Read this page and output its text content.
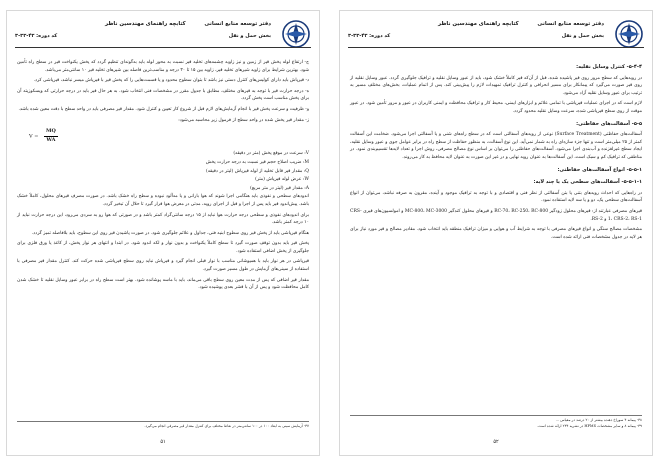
دفتر توسعه منابع انسانی
کتابچه راهنمای مهندسین ناظر
بخش حمل و نقل
کد دوره: ۴۳-۳۳-۳

ج- ارتفاع لوله پخش قیر از زمین و نیز زاویه چشمه‌های تخلیه قیر نسبت به محور لوله باید به‌گونه‌ای تنظیم گردد که پخش یکنواخت قیر در سطح راه تأمین شود. بهترین شرایط برای زاویه شیرهای تخلیه قیر، زاویه بین ۱۵ تا ۳۰ درجه و مناسب‌ترین فاصله بین شیرهای تخلیه قیر ۱۰ سانتی‌متر می‌باشد.

د- قیرپاش باید دارای کولیس‌های کنترل دستی نیز باشد تا بتوان سطوح محدود و یا قسمت‌هایی را که پخش قیر با قیرپاش میسر نباشد، قیرپاشی کرد.

ه- درجه حرارت قیر با توجه به قیرهای مختلف، مطابق با جدول مقرر در مشخصات فنی انتخاب شود. به هر حال قیر باید در درجه حرارتی که ویسکوزیته آن برای پخش مناسب است پخش گردد.

و- ظرفیت و سرعت پخش قیر با انجام آزمایش‌های لازم قبل از شروع کار تعیین و کنترل شود. مقدار قیر مصرفی باید در واحد سطح با دقت معین شده باشد.

ز- مقدار قیر پخش شده در واحد سطح از فرمول زیر محاسبه می‌شود:

$V = \frac{MQ}{WA}$

V: سرعت در موقع پخش (متر در دقیقه)

M: ضریب اصلاح حجم قیر نسبت به درجه حرارت پخش

Q: مقدار قیر قابل تخلیه از لوله قیرپاش (لیتر در دقیقه)

W: عرض لوله قیرپاش (متر)

A: مقدار قیر (لیتر در متر مربع)

اندودهای سطحی و نفوذی باید هنگامی اجرا شوند که هوا بارانی و یا مه‌آلود نبوده و سطح راه خشک باشد. در صورت مصرف قیرهای محلول، کاملاً خشک باشد. پیش‌اندود قیر باید پس از اجرا و قبل از اجرای رویه، مدتی در معرض هوا قرار گیرد تا حلال آن تبخیر گردد.

برای اندودهای نفوذی و سطحی درجه حرارت هوا نباید از ۱۵ درجه سانتی‌گراد کمتر باشد و در صورتی که هوا رو به سردی می‌رود، این درجه حرارت نباید از ۱۰ درجه کمتر باشد.

هنگام قیرپاشی باید از پخش قیر روی سطوح ابنیه فنی، جداول و علائم جلوگیری شود. در صورت پاشیدن قیر روی این سطوح، باید بلافاصله تمیز گردد.

پخش قیر باید بدون توقف صورت گیرد تا سطح کاملاً یکنواخت و بدون نوار و لکه اندود شود. در ابتدا و انتهای هر نوار پخش، از کاغذ یا ورق فلزی برای جلوگیری از پخش اضافی استفاده شود.

قیرپاشی در هر نوار باید با همپوشانی مناسب با نوار قبلی انجام گیرد و قیرپاش نباید روی سطح قیرپاشی شده حرکت کند. کنترل مقدار قیر مصرفی با استفاده از سینی‌های آزمایش در طول مسیر صورت گیرد.

مقدار قیر اضافی که پس از مدت معین روی سطح باقی می‌ماند، باید با ماسه پوشانده شود. بهتر است سطح راه در برابر عبور وسایل نقلیه تا خشک شدن کامل محافظت شود و پس از آن با قشر بعدی پوشیده شود.

۳۷- آزمایش سینی به ابعاد ۱۰۰ در ۱۰۰ سانتی‌متر در نقاط مختلف برای کنترل مقدار قیر مصرفی انجام می‌گیرد.
۵۱
دفتر توسعه منابع انسانی
کتابچه راهنمای مهندسین ناظر
بخش حمل و نقل
کد دوره: ۴۳-۳۳-۳
۵-۴-۴- کنترل وسایل نقلیه:

در رویه‌هایی که سطح مرور روی قیر پاشیده شده، قبل از آن‌که قیر کاملاً خشک شود، باید از عبور وسایل نقلیه و ترافیک جلوگیری گردد. عبور وسایل نقلیه از روی قیر صورت می‌گیرد که پیمانکار برای مسیر انحرافی و کنترل ترافیک تمهیدات لازم را پیش‌بینی کند. پس از اتمام عملیات، بخش‌های مختلف مسیر به ترتیب برای عبور وسایل نقلیه آزاد می‌شود.

لازم است که در اجرای عملیات قیرپاشی با تمامی علائم و ابزارهای ایمنی، محیط کار و ترافیک محافظت و ایمنی کاربران در عبور و مرور تأمین شود. در عبور موقت از روی سطح قیرپاشی شده، سرعت وسایل نقلیه محدود گردد.

۵-۵- آسفالت‌های حفاظتی:

آسفالت‌های حفاظتی (Surface Treatment) نوعی از رویه‌های آسفالتی است که در سطح راه‌های شنی و یا آسفالتی اجرا می‌شود. ضخامت این آسفالت کمتر از ۲۵ میلی‌متر است و تنها جزء سازه‌ای راه به شمار نمی‌آید. این نوع آسفالت، به منظور حفاظت از سطح راه در برابر عوامل جوی و عبور وسایل نقلیه، ایجاد سطح غیرلغزنده و آب‌بندی اجرا می‌شود. آسفالت‌های حفاظتی را می‌توان بر اساس نوع مصالح مصرفی، روش اجرا و تعداد لایه‌ها تقسیم‌بندی نمود. در مناطقی که ترافیک کم و سبک است، این آسفالت‌ها به عنوان رویه نهایی و در غیر این صورت به عنوان لایه محافظ به کار می‌روند.

۵-۵-۱- انواع آسفالت‌های حفاظتی:
۵-۵-۱-۱- آسفالت‌های سطحی یک یا چند لایه:

در راه‌هایی که احداث رویه‌های بتنی یا بتن آسفالتی از نظر فنی و اقتصادی و با توجه به ترافیک موجود و آینده، مقرون به صرفه نباشد، می‌توان از انواع آسفالت‌های سطحی یک، دو و یا سه لایه استفاده نمود.

قیرهای مصرفی عبارتند از: قیرهای محلول زودگیر RC-70، RC-250، RC-800 و قیرهای محلول کندگیر MC-800، MC-3000 و امولسیون‌های قیری CRS-1، CRS-2، RS-1 و RS-2.

مشخصات مصالح سنگی و انواع قیرهای مصرفی با توجه به شرایط آب و هوایی و میزان ترافیک منطقه باید انتخاب شود. مقادیر مصالح و قیر مورد نیاز برای هر لایه در جدول مشخصات فنی ارائه شده است.

۳۸- پیمانه ۴ سوراخ دهنده بیشتر از ۲۰ درصد در مقیاس ...
۳۹- پیمانه ۸ و سایر مشخصات HPMS در نشریه ۲۳۴ ارائه شده است.
۵۲
